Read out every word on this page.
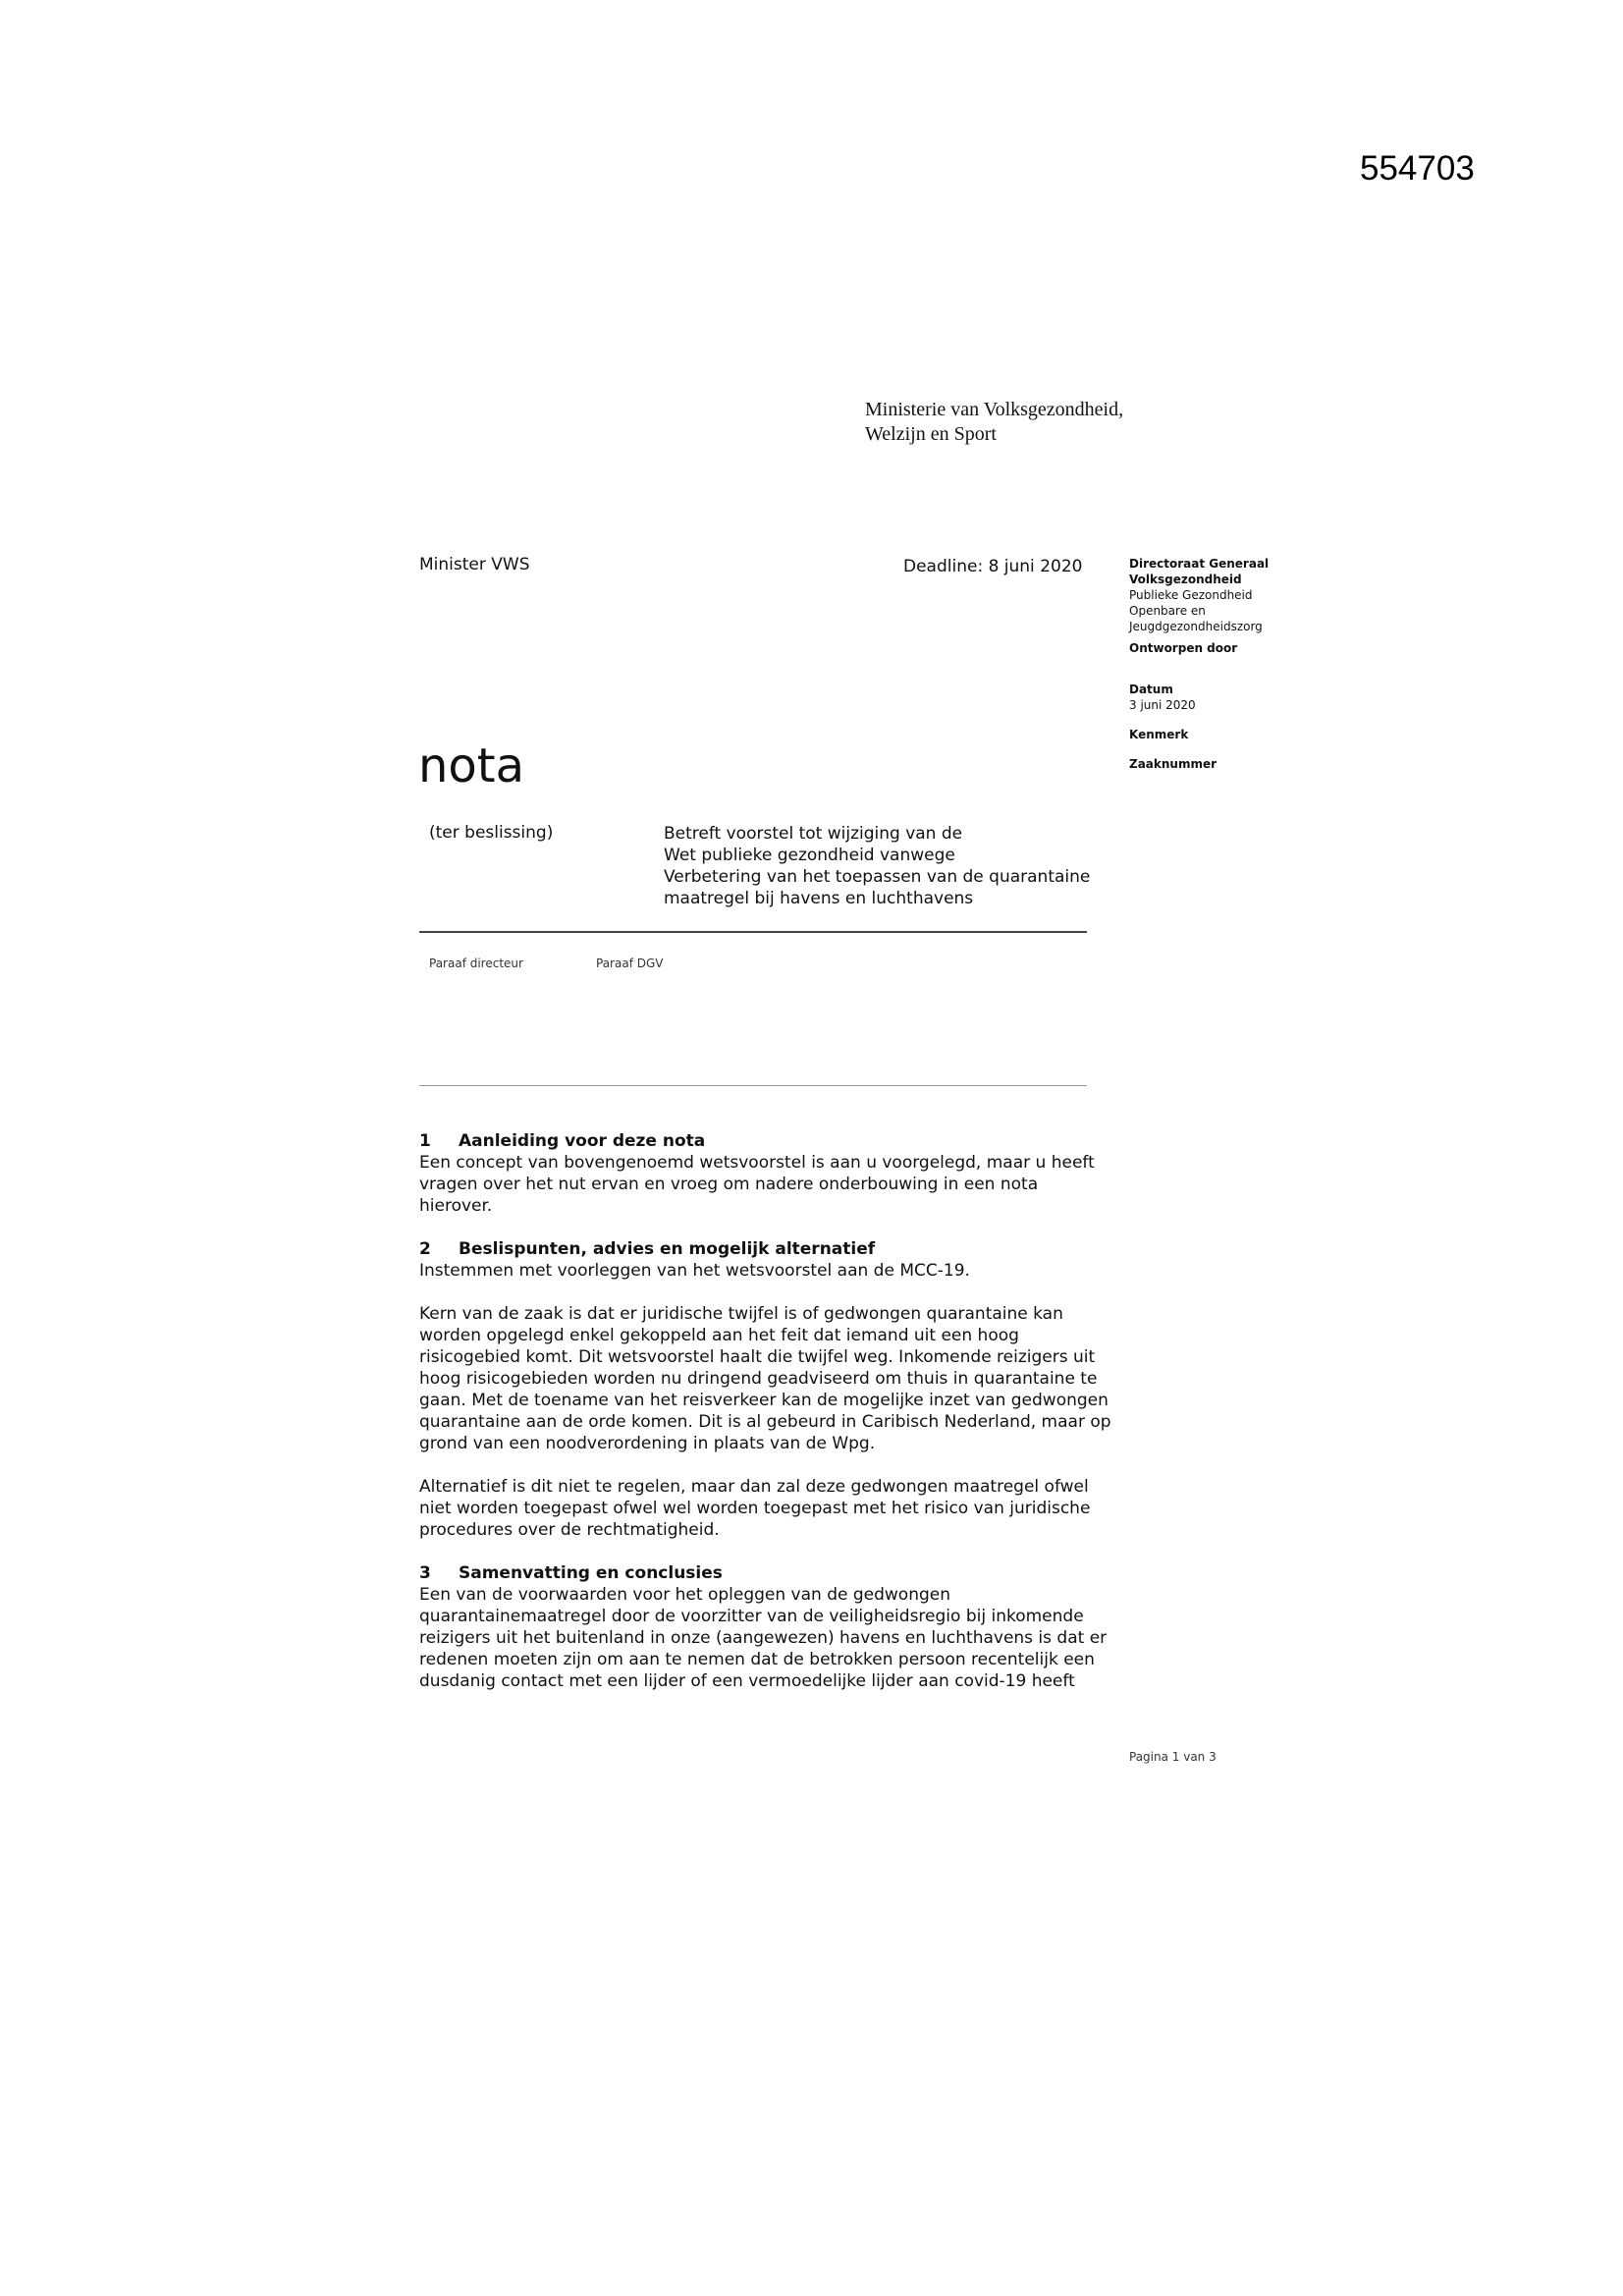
554703
Ministerie van Volksgezondheid,
Welzijn en Sport
Minister VWS	Deadline: 8 juni 2020	Directoraat Generaal
Volksgezondheid
Publieke Gezondheid
Openbare en
Jeugdgezondheidszorg
Ontworpen door
Datum
3 juni 2020
Kenmerk
Zaaknummer
nota
(ter beslissing)	Betreft voorstel tot wijziging van de
Wet publieke gezondheid vanwege
Verbetering van het toepassen van de quarantaine
maatregel bij havens en luchthavens
Paraaf directeur	Paraaf DGV
1 Aanleiding voor deze nota
Een concept van bovengenoemd wetsvoorstel is aan u voorgelegd, maar u heeft
vragen over het nut ervan en vroeg om nadere onderbouwing in een nota
hierover.
2 Beslispunten, advies en mogelijk alternatief
Instemmen met voorleggen van het wetsvoorstel aan de MCC-19.
Kern van de zaak is dat er juridische twijfel is of gedwongen quarantaine kan
worden opgelegd enkel gekoppeld aan het feit dat iemand uit een hoog
risicogebied komt. Dit wetsvoorstel haalt die twijfel weg. Inkomende reizigers uit
hoog risicogebieden worden nu dringend geadviseerd om thuis in quarantaine te
gaan. Met de toename van het reisverkeer kan de mogelijke inzet van gedwongen
quarantaine aan de orde komen. Dit is al gebeurd in Caribisch Nederland, maar op
grond van een noodverordening in plaats van de Wpg.
Alternatief is dit niet te regelen, maar dan zal deze gedwongen maatregel ofwel
niet worden toegepast ofwel wel worden toegepast met het risico van juridische
procedures over de rechtmatigheid.
3 Samenvatting en conclusies
Een van de voorwaarden voor het opleggen van de gedwongen
quarantainemaatregel door de voorzitter van de veiligheidsregio bij inkomende
reizigers uit het buitenland in onze (aangewezen) havens en luchthavens is dat er
redenen moeten zijn om aan te nemen dat de betrokken persoon recentelijk een
dusdanig contact met een lijder of een vermoedelijke lijder aan covid-19 heeft
Pagina 1 van 3
